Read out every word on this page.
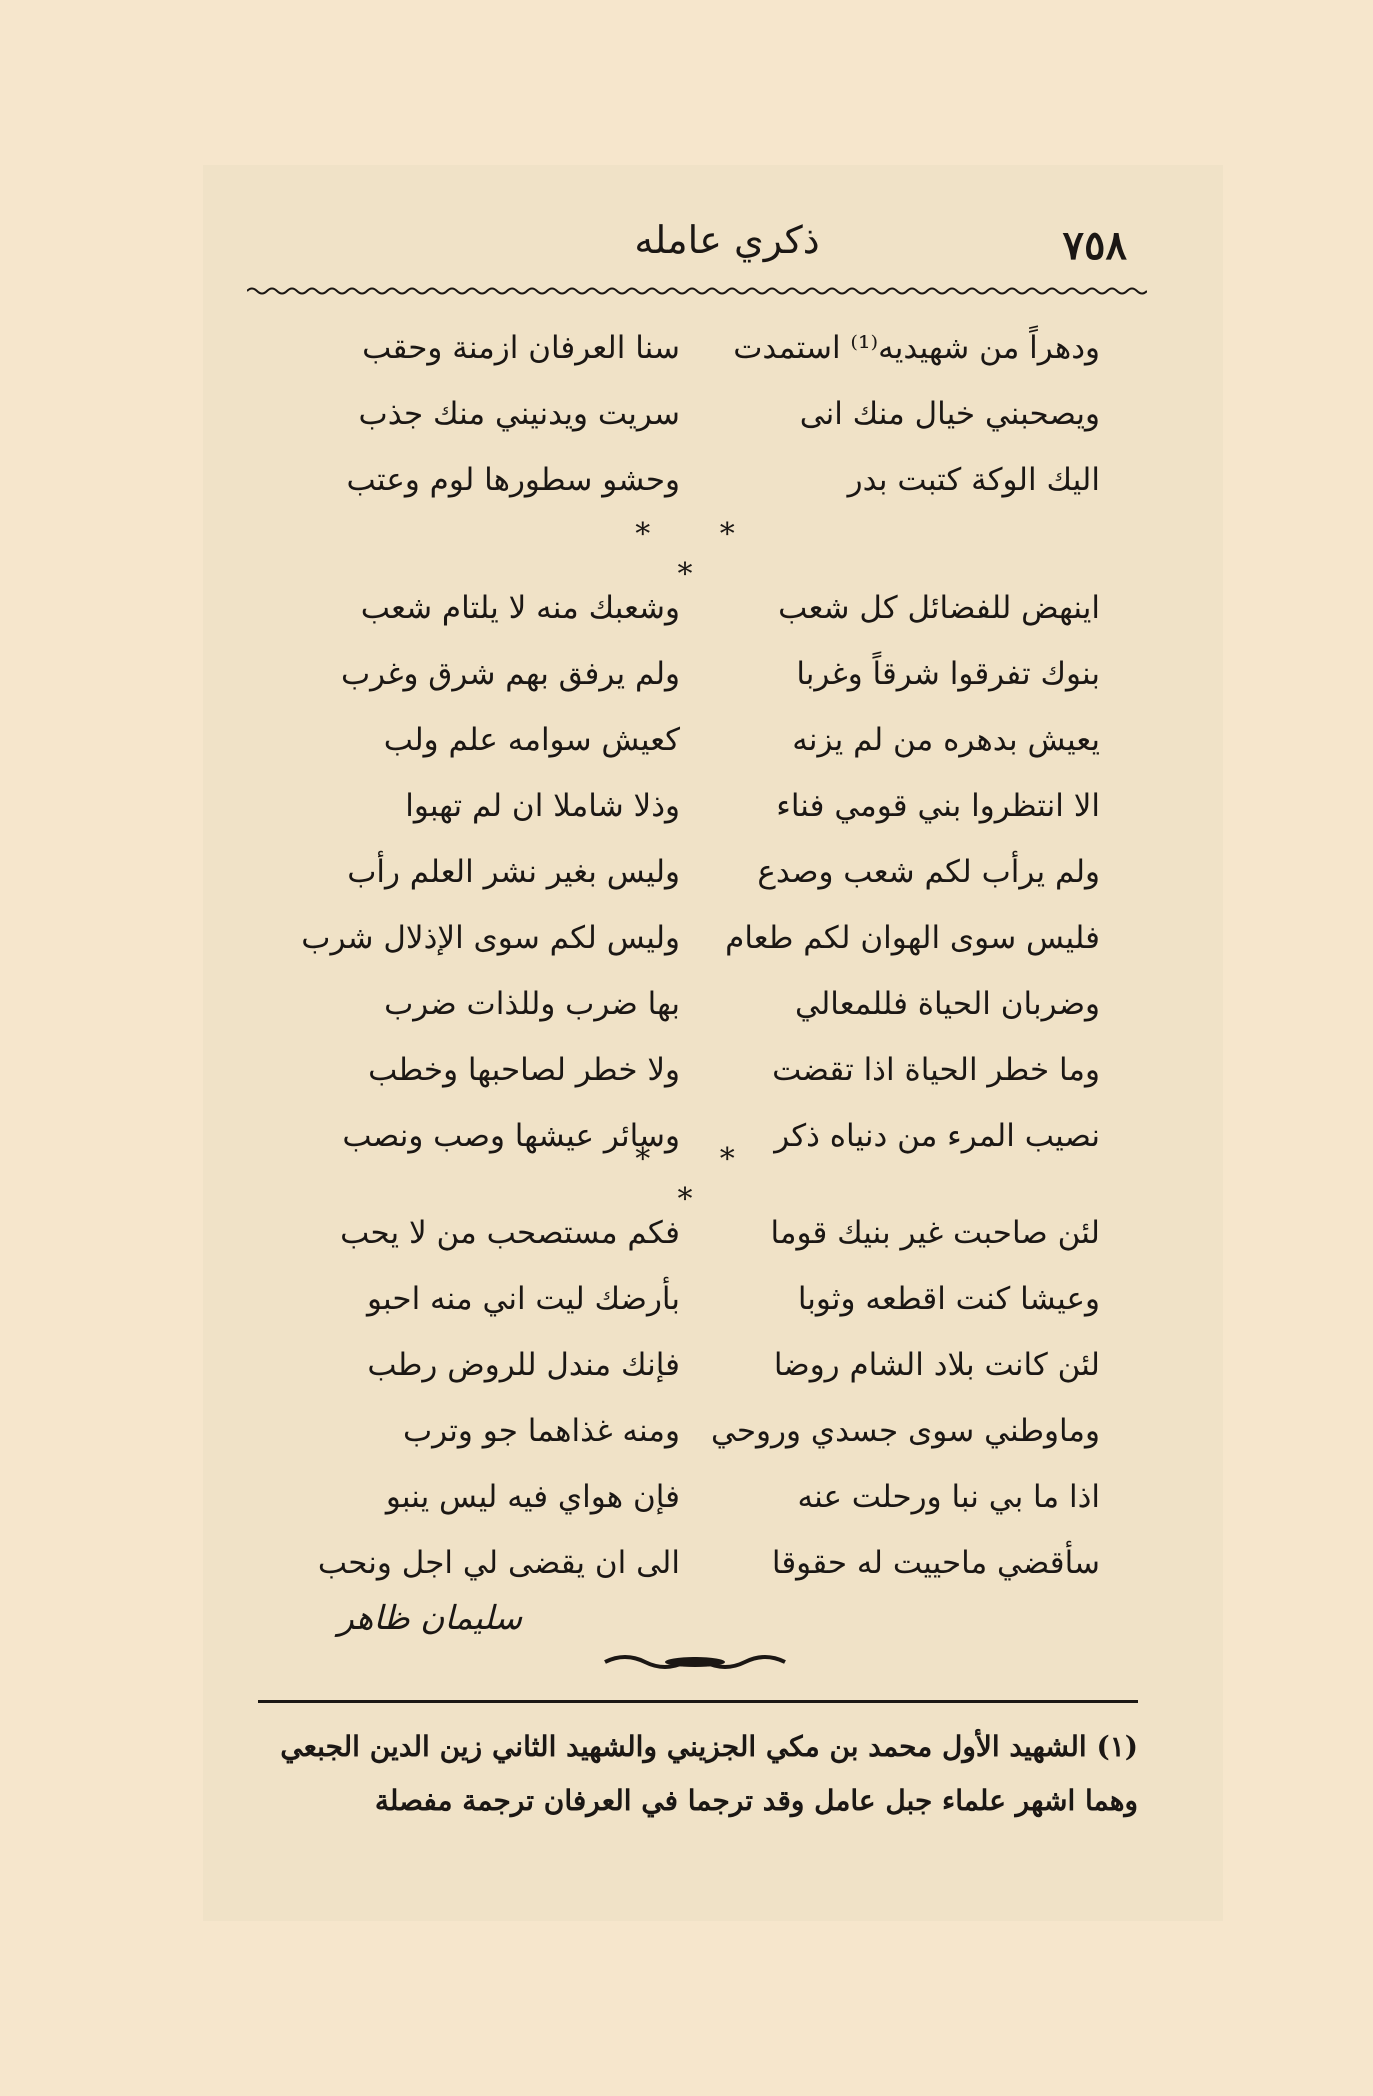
٧٥٨
ذكري عامله
ودهراً من شهيديه⁽¹⁾ استمدت
سنا العرفان ازمنة وحقب
ويصحبني خيال منك انى
سريت ويدنيني منك جذب
اليك الوكة كتبت بدر
وحشو سطورها لوم وعتب
* * *
اينهض للفضائل كل شعب
وشعبك منه لا يلتام شعب
بنوك تفرقوا شرقاً وغربا
ولم يرفق بهم شرق وغرب
يعيش بدهره من لم يزنه
كعيش سوامه علم ولب
الا انتظروا بني قومي فناء
وذلا شاملا ان لم تهبوا
ولم يرأب لكم شعب وصدع
وليس بغير نشر العلم رأب
فليس سوى الهوان لكم طعام
وليس لكم سوى الإذلال شرب
وضربان الحياة فللمعالي
بها ضرب وللذات ضرب
وما خطر الحياة اذا تقضت
ولا خطر لصاحبها وخطب
نصيب المرء من دنياه ذكر
وسائر عيشها وصب ونصب
* * *
لئن صاحبت غير بنيك قوما
فكم مستصحب من لا يحب
وعيشا كنت اقطعه وثوبا
بأرضك ليت اني منه احبو
لئن كانت بلاد الشام روضا
فإنك مندل للروض رطب
وماوطني سوى جسدي وروحي
ومنه غذاهما جو وترب
اذا ما بي نبا ورحلت عنه
فإن هواي فيه ليس ينبو
سأقضي ماحييت له حقوقا
الى ان يقضى لي اجل ونحب
سليمان ظاهر
(١) الشهيد الأول محمد بن مكي الجزيني والشهيد الثاني زين الدين الجبعي
وهما اشهر علماء جبل عامل وقد ترجما في العرفان ترجمة مفصلة
